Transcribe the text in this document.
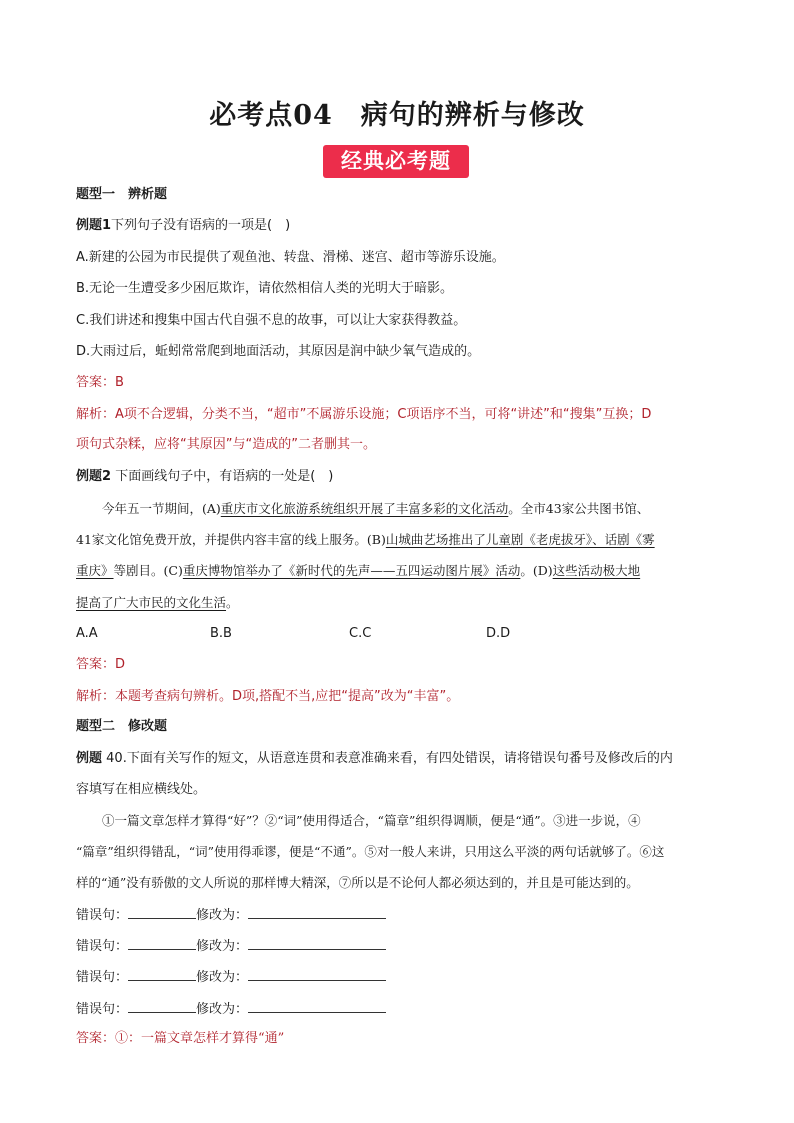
必考点04　病句的辨析与修改
经典必考题
题型一　辨析题
例题1下列句子没有语病的一项是(　)
A.新建的公园为市民提供了观鱼池、转盘、滑梯、迷宫、超市等游乐设施。
B.无论一生遭受多少困厄欺诈，请依然相信人类的光明大于暗影。
C.我们讲述和搜集中国古代自强不息的故事，可以让大家获得教益。
D.大雨过后，蚯蚓常常爬到地面活动，其原因是润中缺少氧气造成的。
答案：B
解析：A项不合逻辑，分类不当，“超市”不属游乐设施；C项语序不当，可将“讲述”和“搜集”互换；D
项句式杂糅，应将“其原因”与“造成的”二者删其一。
例题2 下面画线句子中，有语病的一处是(　)
今年五一节期间，(A)重庆市文化旅游系统组织开展了丰富多彩的文化活动。全市43家公共图书馆、
41家文化馆免费开放，并提供内容丰富的线上服务。(B)山城曲艺场推出了儿童剧《老虎拔牙》、话剧《雾
重庆》等剧目。(C)重庆博物馆举办了《新时代的先声——五四运动图片展》活动。(D)这些活动极大地
提高了广大市民的文化生活。
A.A	B.B	C.C	D.D
答案：D
解析：本题考查病句辨析。D项,搭配不当,应把“提高”改为“丰富”。
题型二　修改题
例题 40.下面有关写作的短文，从语意连贯和表意准确来看，有四处错误，请将错误句番号及修改后的内
容填写在相应横线处。
①一篇文章怎样才算得“好”？②“词”使用得适合，“篇章”组织得调顺，便是“通”。③进一步说，④
“篇章”组织得错乱，“词”使用得乖谬，便是“不通”。⑤对一般人来讲，只用这么平淡的两句话就够了。⑥这
样的“通”没有骄傲的文人所说的那样博大精深，⑦所以是不论何人都必须达到的，并且是可能达到的。
错误句：	修改为：
错误句：	修改为：
错误句：	修改为：
错误句：	修改为：
答案：①：一篇文章怎样才算得“通”
